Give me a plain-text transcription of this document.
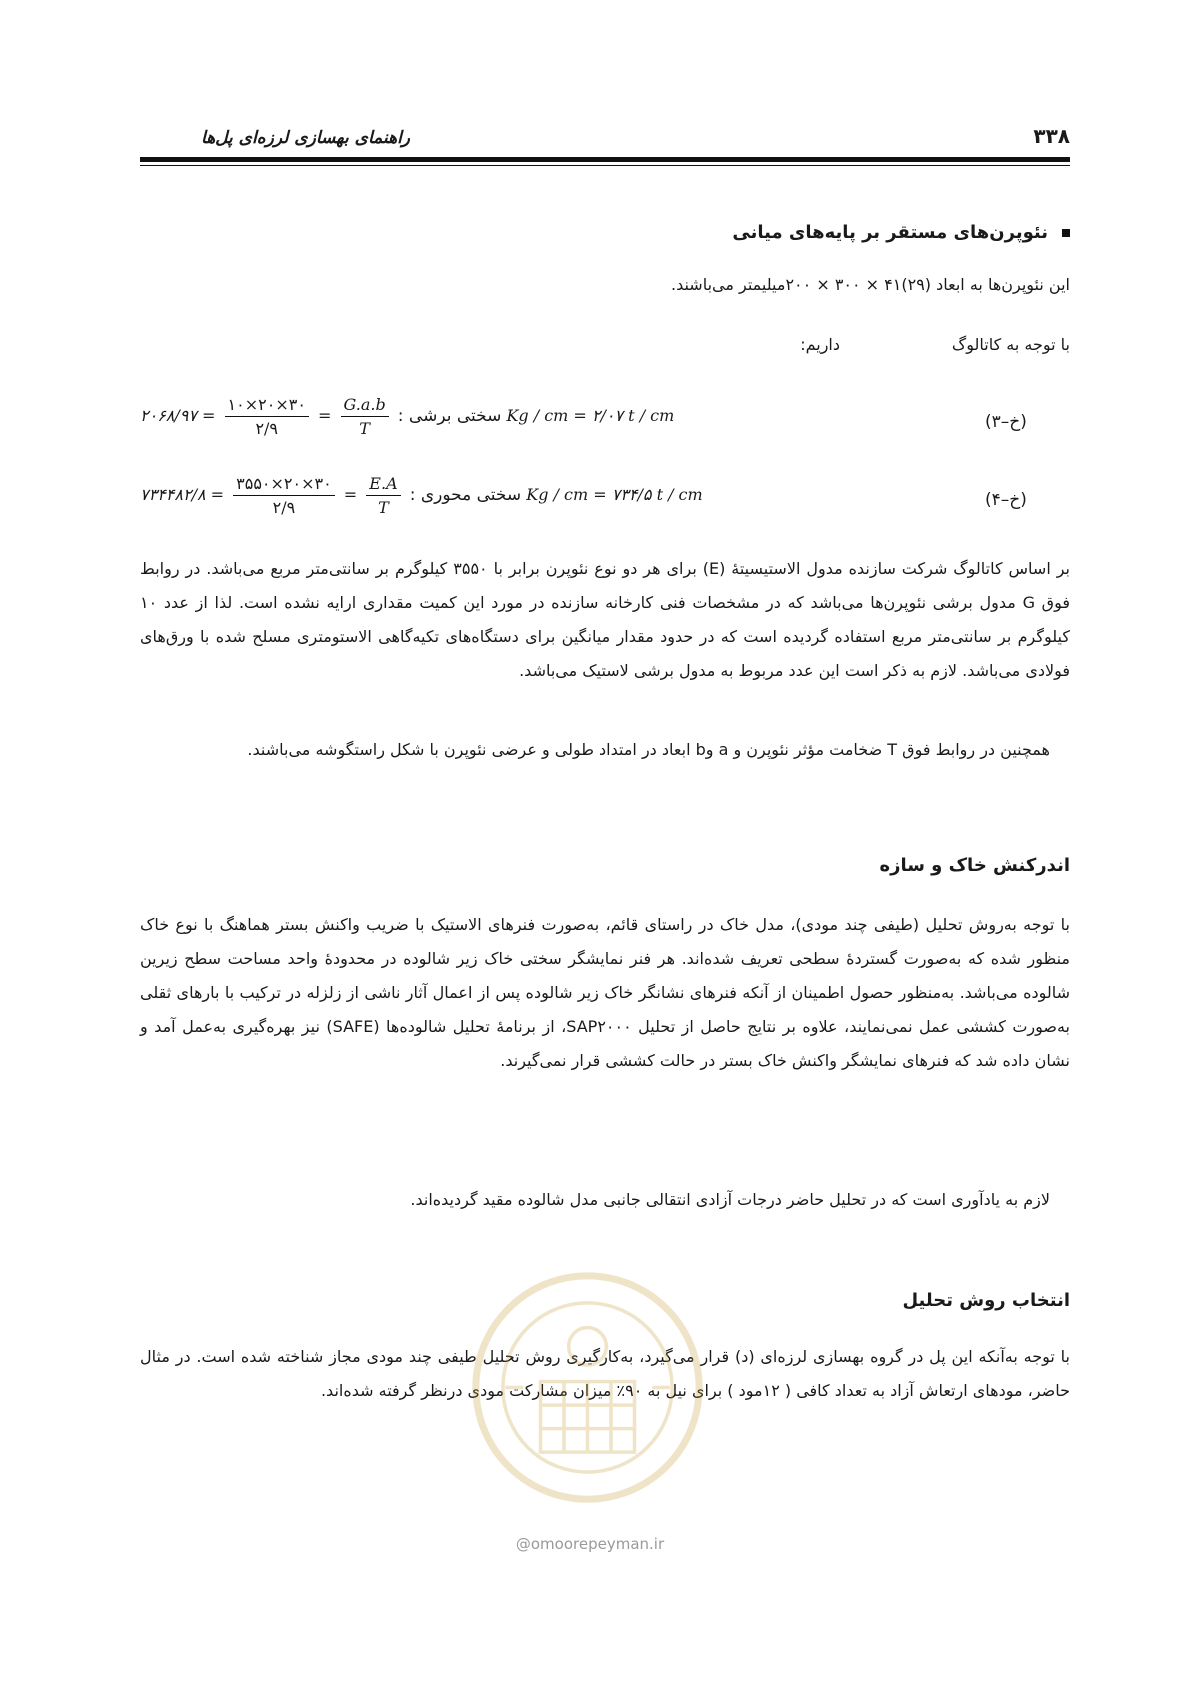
راهنمای بهسازی لرزه‌ای پل‌ها	۳۳۸
نئوپرن‌های مستقر بر پایه‌های میانی
این نئوپرن‌ها به ابعاد (۲۹)۴۱ × ۳۰۰ × ۲۰۰میلیمتر می‌باشند.
با توجه به کاتالوگ
داریم:
(خ–۳)
سختی برشی :
$\frac{G.a.b}{T}$
=
$\frac{۱۰\times ۲۰\times ۳۰}{۲/۹}$
= ۲۰۶۸/۹۷ Kg / cm = ۲/۰۷ t / cm
(خ–۴)
سختی محوری :
$\frac{E.A}{T}$
=
$\frac{۳۵۵۰\times ۲۰\times ۳۰}{۲/۹}$
= ۷۳۴۴۸۲/۸ Kg / cm = ۷۳۴/۵ t / cm
بر اساس کاتالوگ شرکت سازنده مدول الاستیسیتهٔ (E) برای هر دو نوع نئوپرن برابر با ۳۵۵۰ کیلوگرم بر سانتی‌متر مربع می‌باشد. در روابط فوق G مدول برشی نئوپرن‌ها می‌باشد که در مشخصات فنی کارخانه سازنده در مورد این کمیت مقداری ارایه نشده است. لذا از عدد ۱۰ کیلوگرم بر سانتی‌متر مربع استفاده گردیده است که در حدود مقدار میانگین برای دستگاه‌های تکیه‌گاهی الاستومتری مسلح شده با ورق‌های فولادی می‌باشد. لازم به ذکر است این عدد مربوط به مدول برشی لاستیک می‌باشد.
همچنین در روابط فوق T ضخامت مؤثر نئوپرن و a وb ابعاد در امتداد طولی و عرضی نئوپرن با شکل راستگوشه می‌باشند.
اندرکنش خاک و سازه
با توجه به‌روش تحلیل (طیفی چند مودی)، مدل خاک در راستای قائم، به‌صورت فنرهای الاستیک با ضریب واکنش بستر هماهنگ با نوع خاک منظور شده که به‌صورت گستردهٔ سطحی تعریف شده‌اند. هر فنر نمایشگر سختی خاک زیر شالوده در محدودهٔ واحد مساحت سطح زیرین شالوده می‌باشد. به‌منظور حصول اطمینان از آنکه فنرهای نشانگر خاک زیر شالوده پس از اعمال آثار ناشی از زلزله در ترکیب با بارهای ثقلی به‌صورت کششی عمل نمی‌نمایند، علاوه بر نتایج حاصل از تحلیل SAP۲۰۰۰، از برنامهٔ تحلیل شالوده‌ها (SAFE) نیز بهره‌گیری به‌عمل آمد و نشان داده شد که فنرهای نمایشگر واکنش خاک بستر در حالت کششی قرار نمی‌گیرند.
لازم به یادآوری است که در تحلیل حاضر درجات آزادی انتقالی جانبی مدل شالوده مقید گردیده‌اند.
انتخاب روش تحلیل
با توجه به‌آنکه این پل در گروه بهسازی لرزه‌ای (د) قرار می‌گیرد، به‌کارگیری روش تحلیل طیفی چند مودی مجاز شناخته شده است. در مثال حاضر، مودهای ارتعاش آزاد به تعداد کافی ( ۱۲مود ) برای نیل به ۹۰٪ میزان مشارکت مودی درنظر گرفته شده‌اند.
@omoorepeyman.ir
